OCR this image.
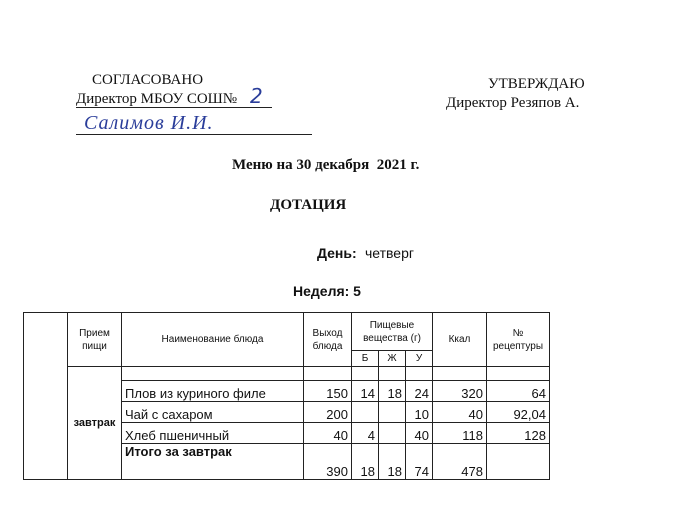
СОГЛАСОВАНО
Директор МБОУ СОШ№ 2
Салимов И.И.
УТВЕРЖДАЮ
Директор Резяпов А.
Меню на 30 декабря  2021 г.
ДОТАЦИЯ
День: четверг
Неделя: 5
	Прием пищи	Наименование блюда	Выход блюда	Пищевые вещества (г)			Ккал	№ рецептуры
				Б	Ж	У		
	завтрак							
		Плов из куриного филе	150	14	18	24	320	64
		Чай с сахаром	200			10	40	92,04
		Хлеб пшеничный	40	4		40	118	128
		Итого за завтрак	390	18	18	74	478	
